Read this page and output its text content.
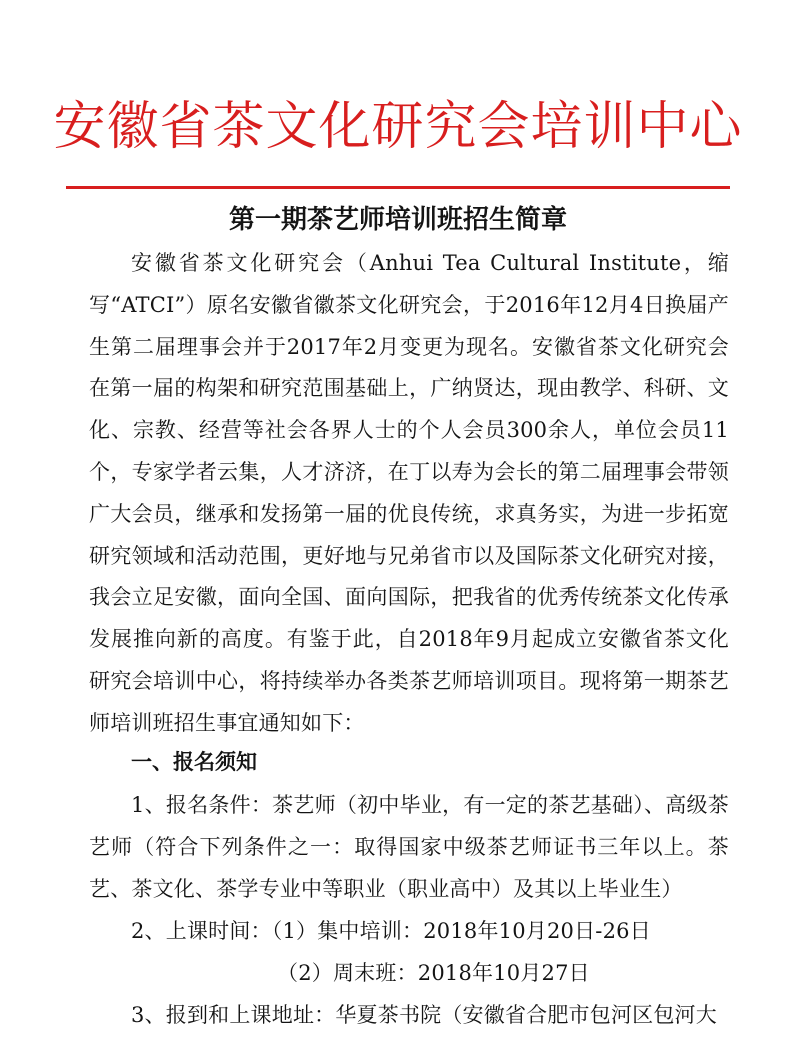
安徽省茶文化研究会培训中心
第一期茶艺师培训班招生简章

安徽省茶文化研究会（Anhui Tea Cultural Institute，缩写“ATCI”）原名安徽省徽茶文化研究会，于2016年12月4日换届产生第二届理事会并于2017年2月变更为现名。安徽省茶文化研究会在第一届的构架和研究范围基础上，广纳贤达，现由教学、科研、文化、宗教、经营等社会各界人士的个人会员300余人，单位会员11个，专家学者云集，人才济济，在丁以寿为会长的第二届理事会带领广大会员，继承和发扬第一届的优良传统，求真务实，为进一步拓宽研究领域和活动范围，更好地与兄弟省市以及国际茶文化研究对接，我会立足安徽，面向全国、面向国际，把我省的优秀传统茶文化传承发展推向新的高度。有鉴于此，自2018年9月起成立安徽省茶文化研究会培训中心，将持续举办各类茶艺师培训项目。现将第一期茶艺师培训班招生事宜通知如下：

一、报名须知

1、报名条件：茶艺师（初中毕业，有一定的茶艺基础）、高级茶艺师（符合下列条件之一：取得国家中级茶艺师证书三年以上。茶艺、茶文化、茶学专业中等职业（职业高中）及其以上毕业生）

2、上课时间：（1）集中培训：2018年10月20日-26日

（2）周末班：2018年10月27日

3、报到和上课地址：华夏茶书院（安徽省合肥市包河区包河大
